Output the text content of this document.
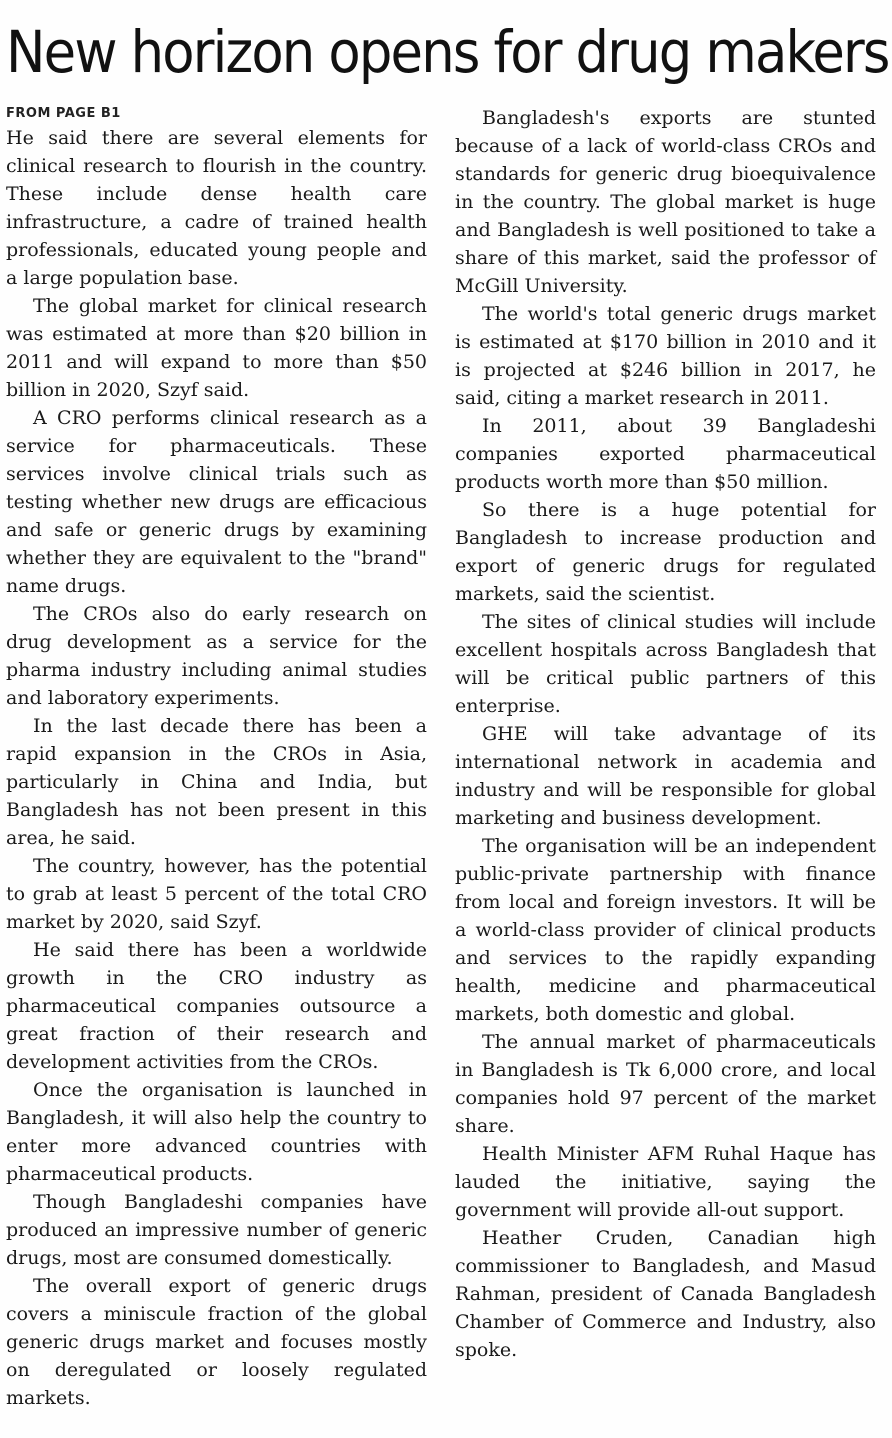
New horizon opens for drug makers
FROM PAGE B1

He said there are several elements for clinical research to flourish in the country. These include dense health care infrastructure, a cadre of trained health professionals, educated young people and a large population base.

The global market for clinical research was estimated at more than $20 billion in 2011 and will expand to more than $50 billion in 2020, Szyf said.

A CRO performs clinical research as a service for pharmaceuticals. These services involve clinical trials such as testing whether new drugs are efficacious and safe or generic drugs by examining whether they are equivalent to the "brand" name drugs.

The CROs also do early research on drug development as a service for the pharma industry including animal studies and laboratory experiments.

In the last decade there has been a rapid expansion in the CROs in Asia, particularly in China and India, but Bangladesh has not been present in this area, he said.

The country, however, has the potential to grab at least 5 percent of the total CRO market by 2020, said Szyf.

He said there has been a worldwide growth in the CRO industry as pharmaceutical companies outsource a great fraction of their research and development activities from the CROs.

Once the organisation is launched in Bangladesh, it will also help the country to enter more advanced countries with pharmaceutical products.

Though Bangladeshi companies have produced an impressive number of generic drugs, most are consumed domestically.

The overall export of generic drugs covers a miniscule fraction of the global generic drugs market and focuses mostly on deregulated or loosely regulated markets.

Bangladesh's exports are stunted because of a lack of world-class CROs and standards for generic drug bioequivalence in the country. The global market is huge and Bangladesh is well positioned to take a share of this market, said the professor of McGill University.

The world's total generic drugs market is estimated at $170 billion in 2010 and it is projected at $246 billion in 2017, he said, citing a market research in 2011.

In 2011, about 39 Bangladeshi companies exported pharmaceutical products worth more than $50 million.

So there is a huge potential for Bangladesh to increase production and export of generic drugs for regulated markets, said the scientist.

The sites of clinical studies will include excellent hospitals across Bangladesh that will be critical public partners of this enterprise.

GHE will take advantage of its international network in academia and industry and will be responsible for global marketing and business development.

The organisation will be an independent public-private partnership with finance from local and foreign investors. It will be a world-class provider of clinical products and services to the rapidly expanding health, medicine and pharmaceutical markets, both domestic and global.

The annual market of pharmaceuticals in Bangladesh is Tk 6,000 crore, and local companies hold 97 percent of the market share.

Health Minister AFM Ruhal Haque has lauded the initiative, saying the government will provide all-out support.

Heather Cruden, Canadian high commissioner to Bangladesh, and Masud Rahman, president of Canada Bangladesh Chamber of Commerce and Industry, also spoke.
